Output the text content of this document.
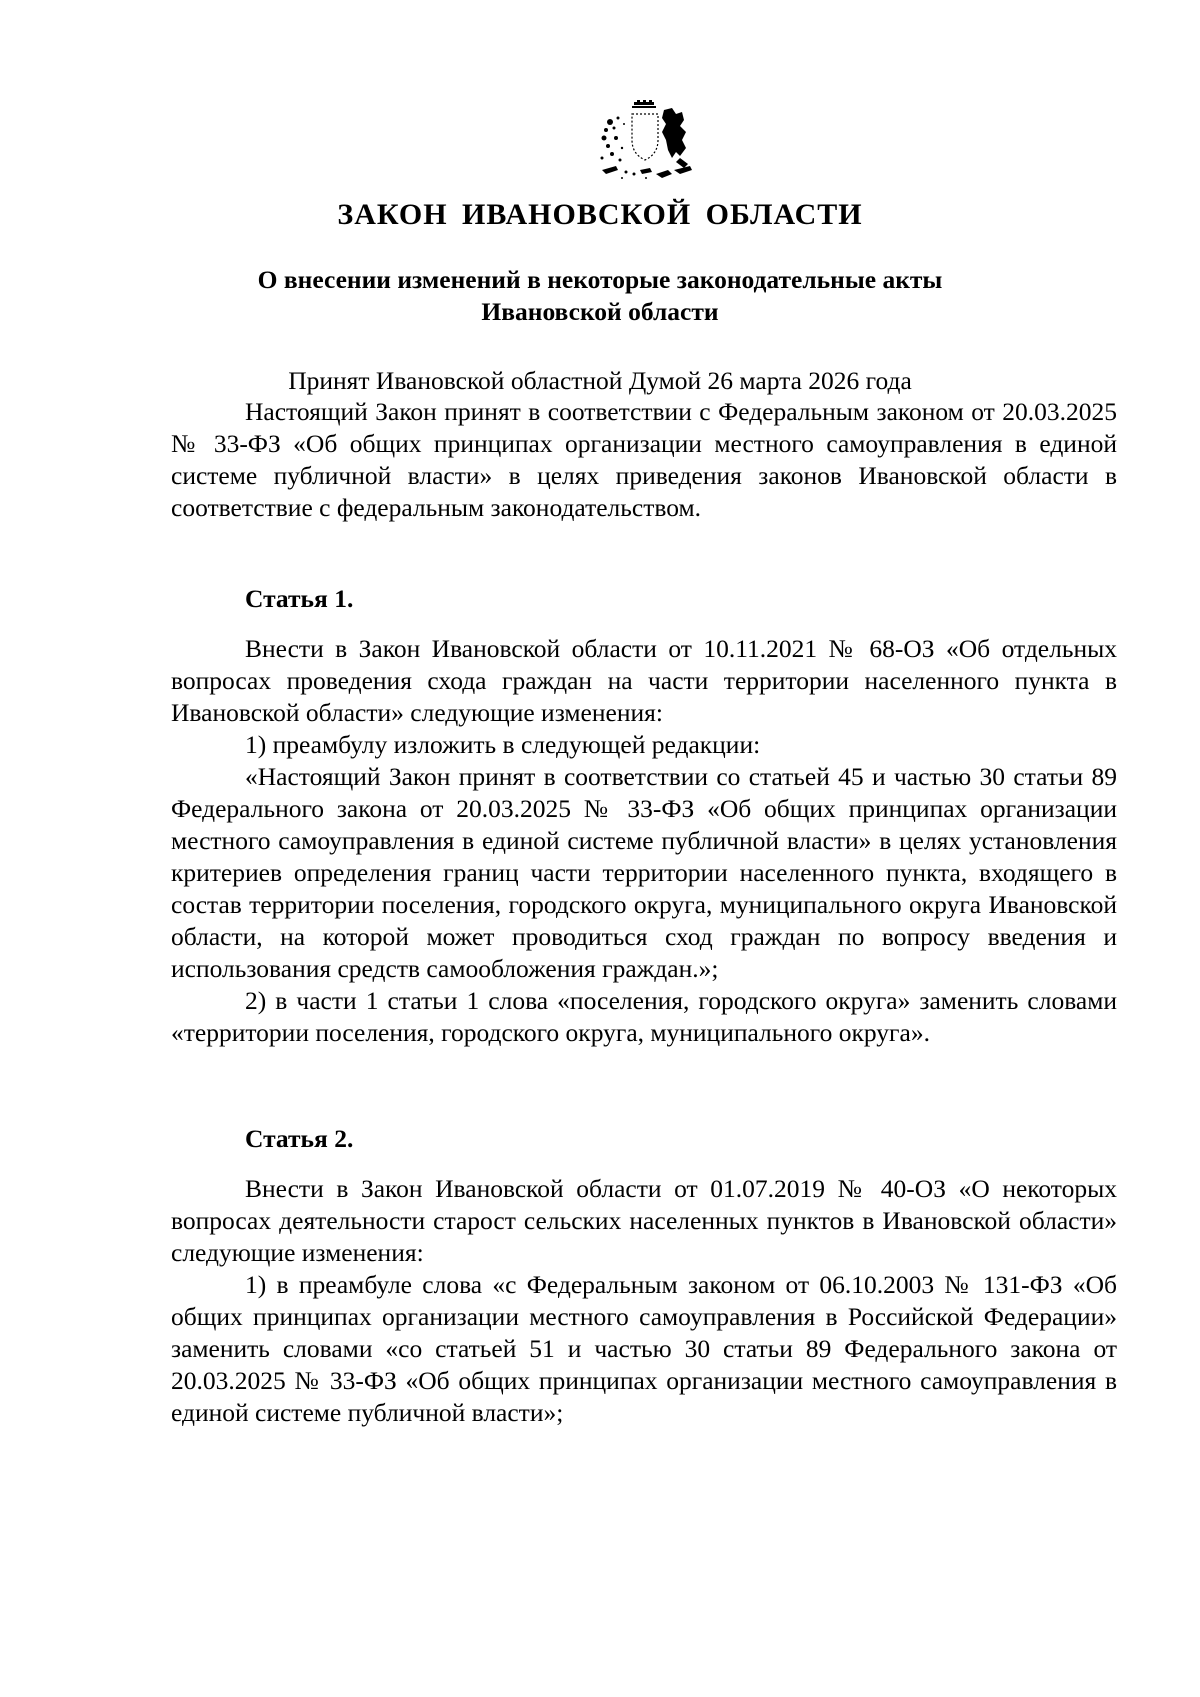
ЗАКОН ИВАНОВСКОЙ ОБЛАСТИ
О внесении изменений в некоторые законодательные акты
Ивановской области
Принят Ивановской областной Думой 26 марта 2026 года

Настоящий Закон принят в соответствии с Федеральным законом от 20.03.2025 № 33-ФЗ «Об общих принципах организации местного самоуправления в единой системе публичной власти» в целях приведения законов Ивановской области в соответствие с федеральным законодательством.

Статья 1.

Внести в Закон Ивановской области от 10.11.2021 № 68-ОЗ «Об отдельных вопросах проведения схода граждан на части территории населенного пункта в Ивановской области» следующие изменения:

1) преамбулу изложить в следующей редакции:

«Настоящий Закон принят в соответствии со статьей 45 и частью 30 статьи 89 Федерального закона от 20.03.2025 № 33-ФЗ «Об общих принципах организации местного самоуправления в единой системе публичной власти» в целях установления критериев определения границ части территории населенного пункта, входящего в состав территории поселения, городского округа, муниципального округа Ивановской области, на которой может проводиться сход граждан по вопросу введения и использования средств самообложения граждан.»;

2) в части 1 статьи 1 слова «поселения, городского округа» заменить словами «территории поселения, городского округа, муниципального округа».

Статья 2.

Внести в Закон Ивановской области от 01.07.2019 № 40-ОЗ «О некоторых вопросах деятельности старост сельских населенных пунктов в Ивановской области» следующие изменения:

1) в преамбуле слова «с Федеральным законом от 06.10.2003 № 131-ФЗ «Об общих принципах организации местного самоуправления в Российской Федерации» заменить словами «со статьей 51 и частью 30 статьи 89 Федерального закона от 20.03.2025 № 33-ФЗ «Об общих принципах организации местного самоуправления в единой системе публичной власти»;
